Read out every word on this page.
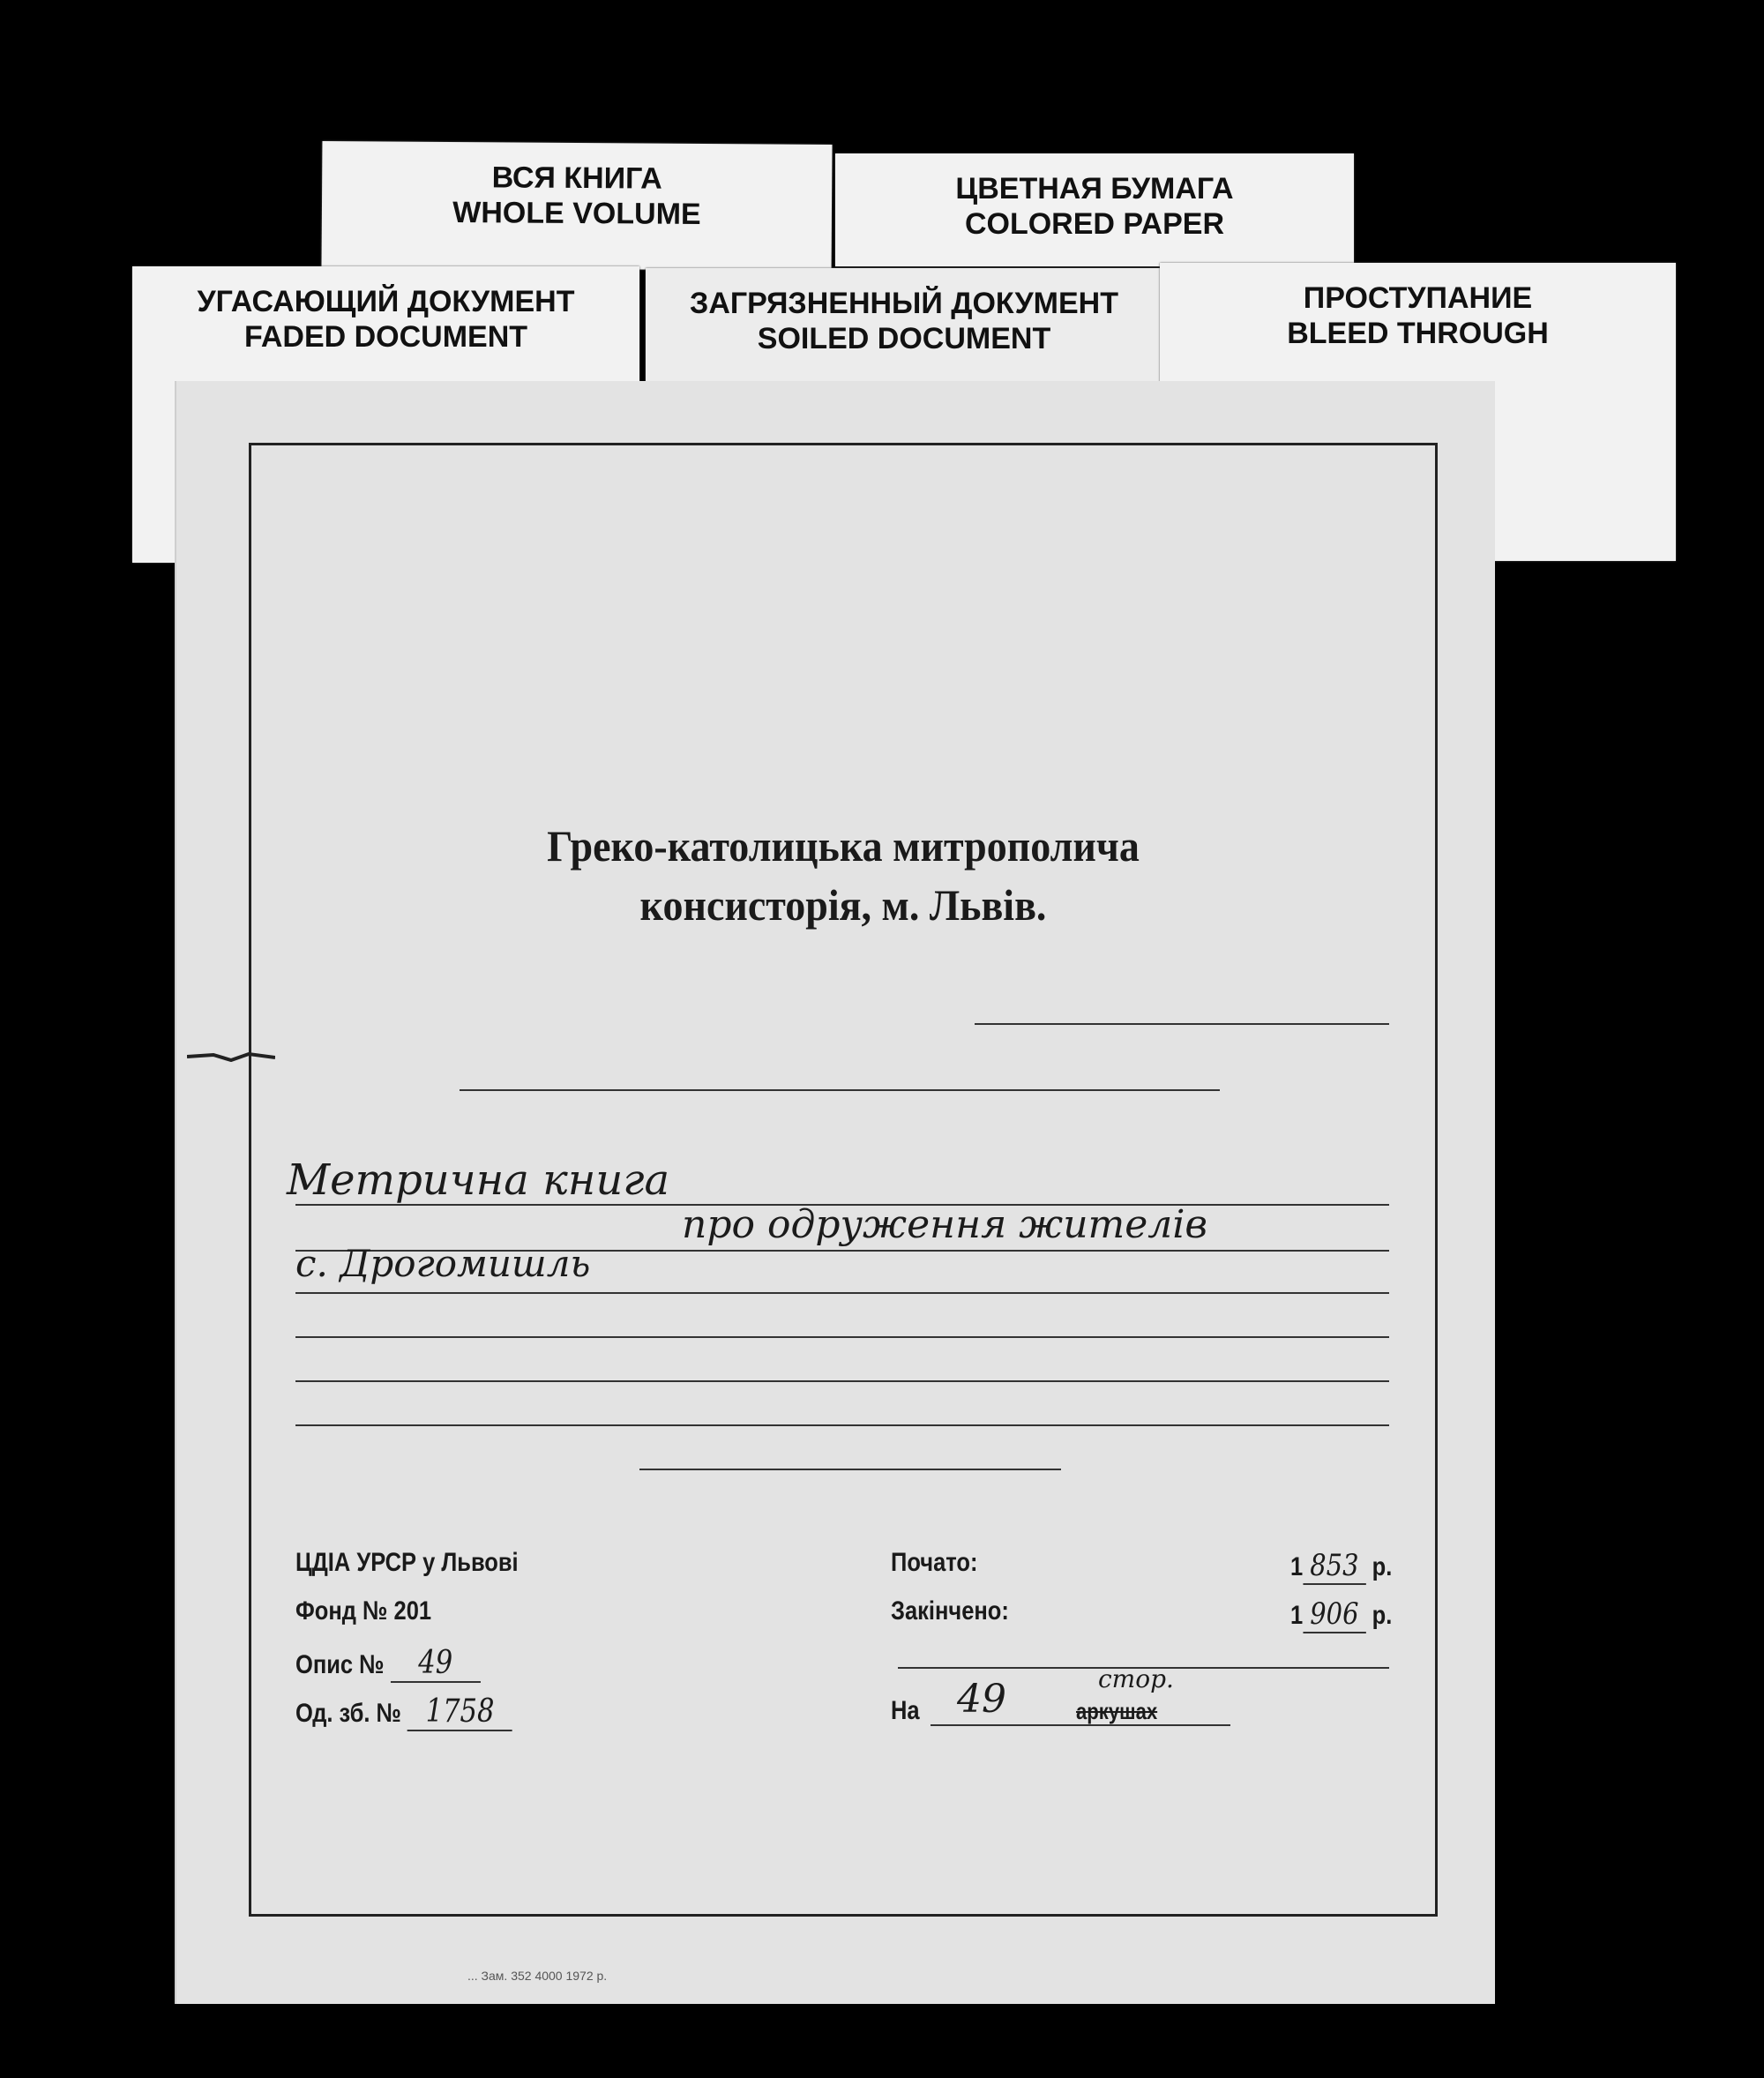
ВСЯ КНИГА
WHOLE VOLUME
ЦВЕТНАЯ БУМАГА
COLORED PAPER
УГАСАЮЩИЙ ДОКУМЕНТ
FADED DOCUMENT
ЗАГРЯЗНЕННЫЙ ДОКУМЕНТ
SOILED DOCUMENT
ПРОСТУПАНИЕ
BLEED THROUGH
Греко-католицька митрополича
консисторія, м. Львів.
Метрична книга
про одруження жителів
с. Дрогомишль
ЦДІА УРСР у Львові
Фонд № 201
Опис № 49
Од. зб. № 1758
Почато:	1 853 р.
Закінчено:	1 906 р.
На 49	стор.
аркушах
... Зам. 352 4000 1972 р.
